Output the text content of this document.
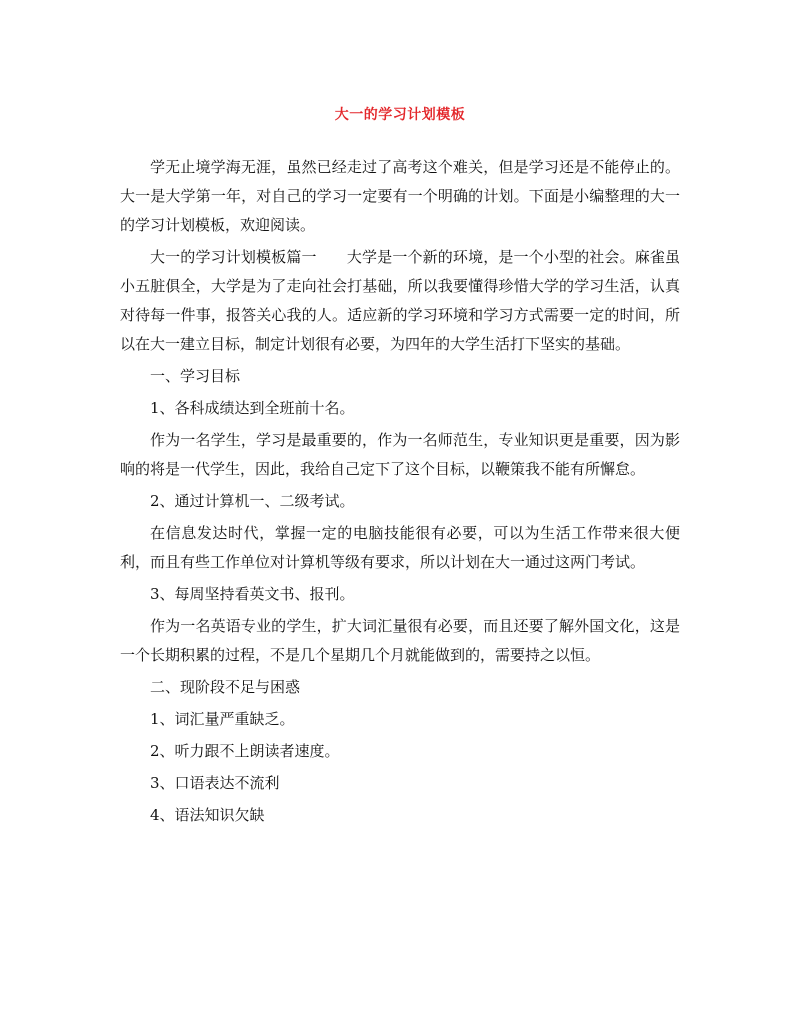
大一的学习计划模板

学无止境学海无涯，虽然已经走过了高考这个难关，但是学习还是不能停止的。大一是大学第一年，对自己的学习一定要有一个明确的计划。下面是小编整理的大一的学习计划模板，欢迎阅读。

大一的学习计划模板篇一　　大学是一个新的环境，是一个小型的社会。麻雀虽小五脏俱全，大学是为了走向社会打基础，所以我要懂得珍惜大学的学习生活，认真对待每一件事，报答关心我的人。适应新的学习环境和学习方式需要一定的时间，所以在大一建立目标，制定计划很有必要，为四年的大学生活打下坚实的基础。

一、学习目标

1、各科成绩达到全班前十名。

作为一名学生，学习是最重要的，作为一名师范生，专业知识更是重要，因为影响的将是一代学生，因此，我给自己定下了这个目标，以鞭策我不能有所懈怠。

2、通过计算机一、二级考试。

在信息发达时代，掌握一定的电脑技能很有必要，可以为生活工作带来很大便利，而且有些工作单位对计算机等级有要求，所以计划在大一通过这两门考试。

3、每周坚持看英文书、报刊。

作为一名英语专业的学生，扩大词汇量很有必要，而且还要了解外国文化，这是一个长期积累的过程，不是几个星期几个月就能做到的，需要持之以恒。

二、现阶段不足与困惑

1、词汇量严重缺乏。

2、听力跟不上朗读者速度。

3、口语表达不流利

4、语法知识欠缺
